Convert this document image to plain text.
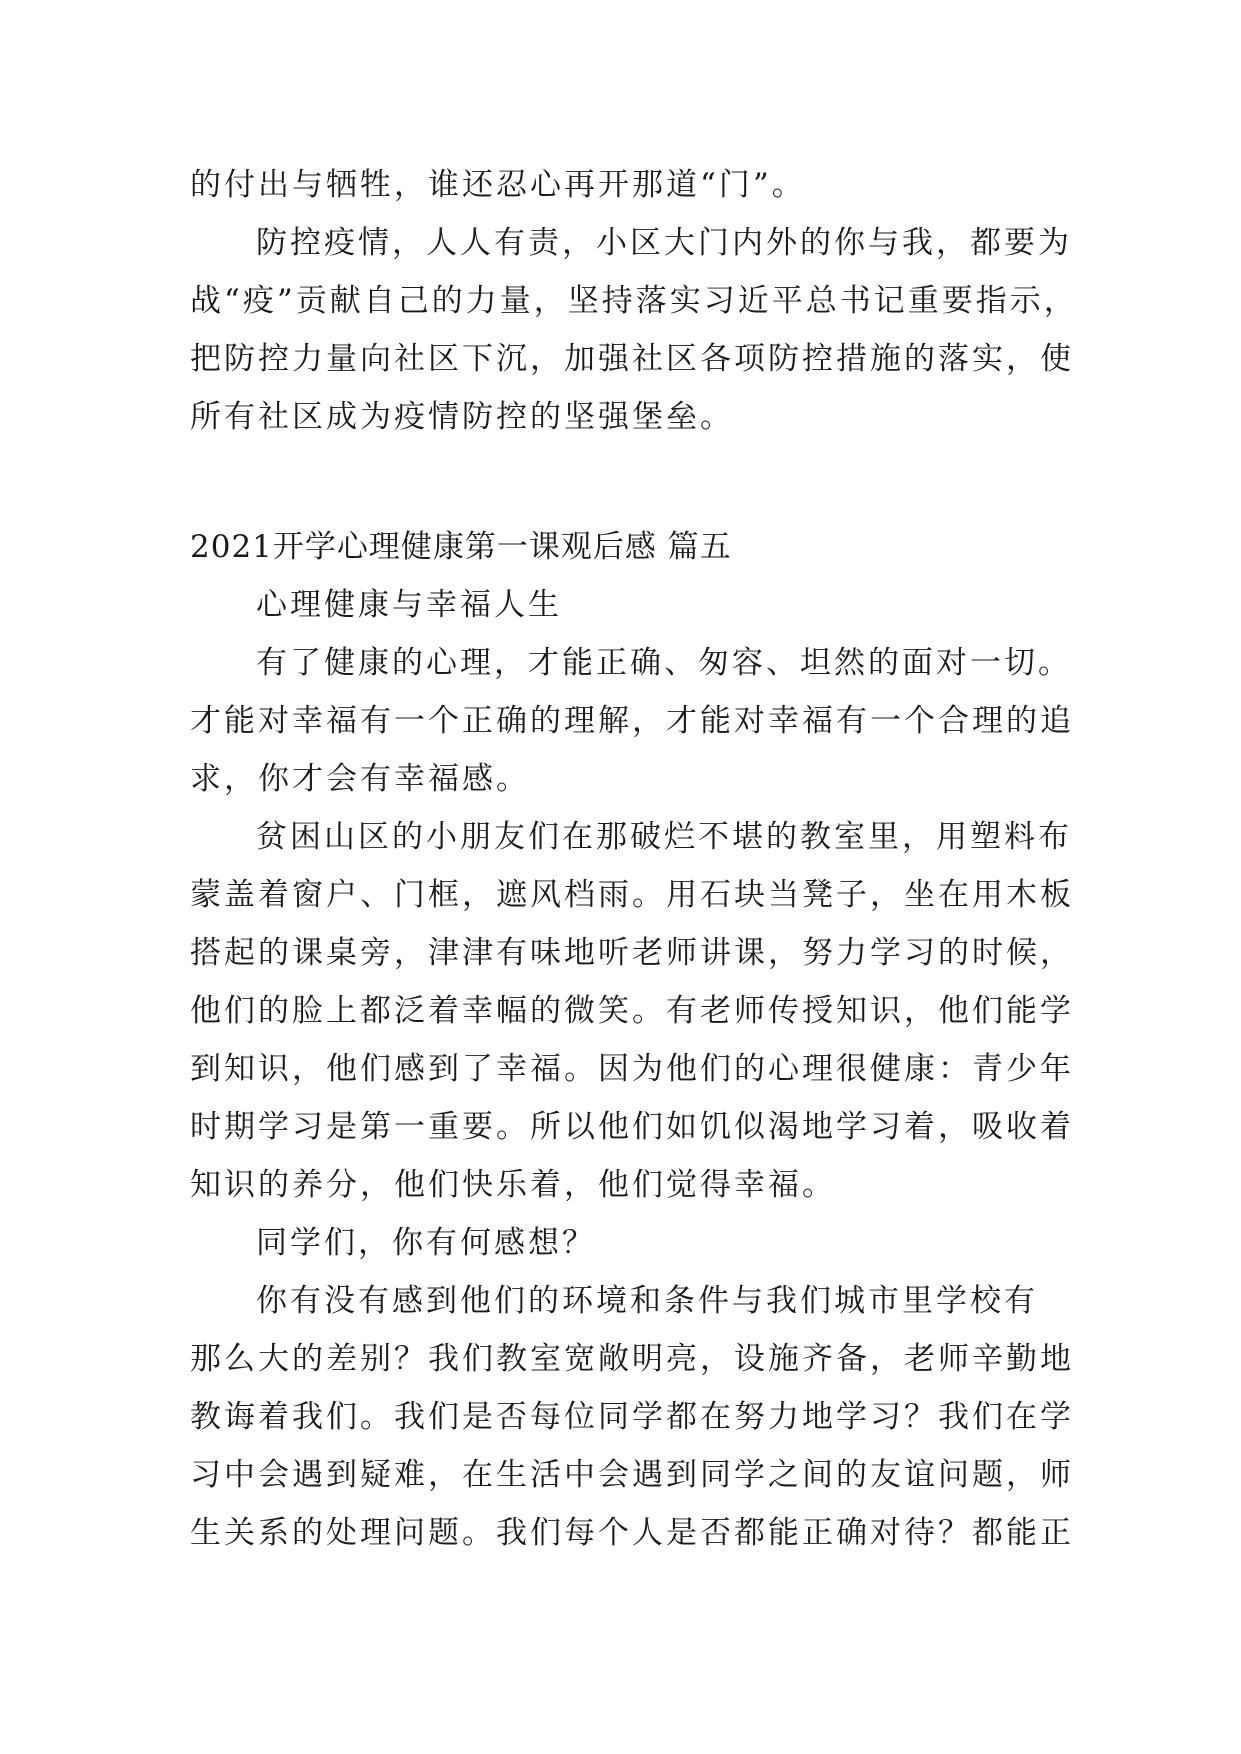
的付出与牺牲，谁还忍心再开那道“门”。
防控疫情，人人有责，小区大门内外的你与我，都要为
战“疫”贡献自己的力量，坚持落实习近平总书记重要指示，
把防控力量向社区下沉，加强社区各项防控措施的落实，使
所有社区成为疫情防控的坚强堡垒。
2021开学心理健康第一课观后感 篇五
心理健康与幸福人生
有了健康的心理，才能正确、匆容、坦然的面对一切。
才能对幸福有一个正确的理解，才能对幸福有一个合理的追
求，你才会有幸福感。
贫困山区的小朋友们在那破烂不堪的教室里，用塑料布
蒙盖着窗户、门框，遮风档雨。用石块当凳子，坐在用木板
搭起的课桌旁，津津有味地听老师讲课，努力学习的时候，
他们的脸上都泛着幸幅的微笑。有老师传授知识，他们能学
到知识，他们感到了幸福。因为他们的心理很健康：青少年
时期学习是第一重要。所以他们如饥似渴地学习着，吸收着
知识的养分，他们快乐着，他们觉得幸福。
同学们，你有何感想？
你有没有感到他们的环境和条件与我们城市里学校有
那么大的差别？我们教室宽敞明亮，设施齐备，老师辛勤地
教诲着我们。我们是否每位同学都在努力地学习？我们在学
习中会遇到疑难，在生活中会遇到同学之间的友谊问题，师
生关系的处理问题。我们每个人是否都能正确对待？都能正
